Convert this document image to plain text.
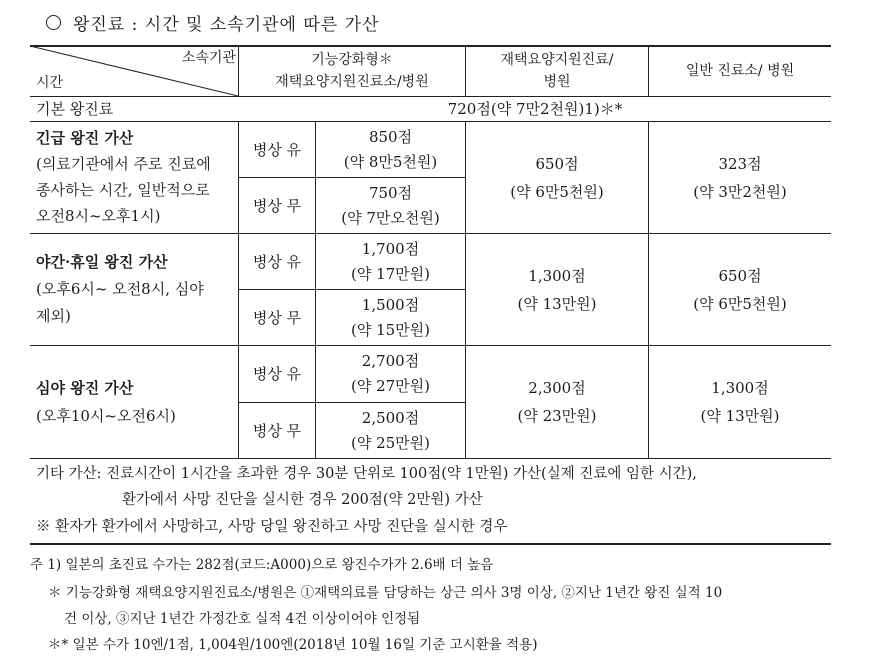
왕진료 : 시간 및 소속기관에 따른 가산
소속기관
시간
기능강화형＊
재택요양지원진료소/병원
재택요양지원진료/
병원
일반 진료소/ 병원
기본 왕진료	720점(약 7만2천원)1)＊*
긴급 왕진 가산
(의료기관에서 주로 진료에
종사하는 시간, 일반적으로
오전8시~오후1시)
병상 유
병상 무
850점
(약 8만5천원)
750점
(약 7만오천원)
650점
(약 6만5천원)
323점
(약 3만2천원)
야간·휴일 왕진 가산
(오후6시~ 오전8시, 심야
제외)
병상 유
병상 무
1,700점
(약 17만원)
1,500점
(약 15만원)
1,300점
(약 13만원)
650점
(약 6만5천원)
심야 왕진 가산
(오후10시~오전6시)
병상 유
병상 무
2,700점
(약 27만원)
2,500점
(약 25만원)
2,300점
(약 23만원)
1,300점
(약 13만원)
기타 가산: 진료시간이 1시간을 초과한 경우 30분 단위로 100점(약 1만원) 가산(실제 진료에 임한 시간),
환가에서 사망 진단을 실시한 경우 200점(약 2만원) 가산
※ 환자가 환가에서 사망하고, 사망 당일 왕진하고 사망 진단을 실시한 경우
주 1) 일본의 초진료 수가는 282점(코드:A000)으로 왕진수가가 2.6배 더 높음
＊ 기능강화형 재택요양지원진료소/병원은 ①재택의료를 담당하는 상근 의사 3명 이상, ②지난 1년간 왕진 실적 10
건 이상, ③지난 1년간 가정간호 실적 4건 이상이어야 인정됨
＊* 일본 수가 10엔/1점, 1,004원/100엔(2018년 10월 16일 기준 고시환율 적용)
